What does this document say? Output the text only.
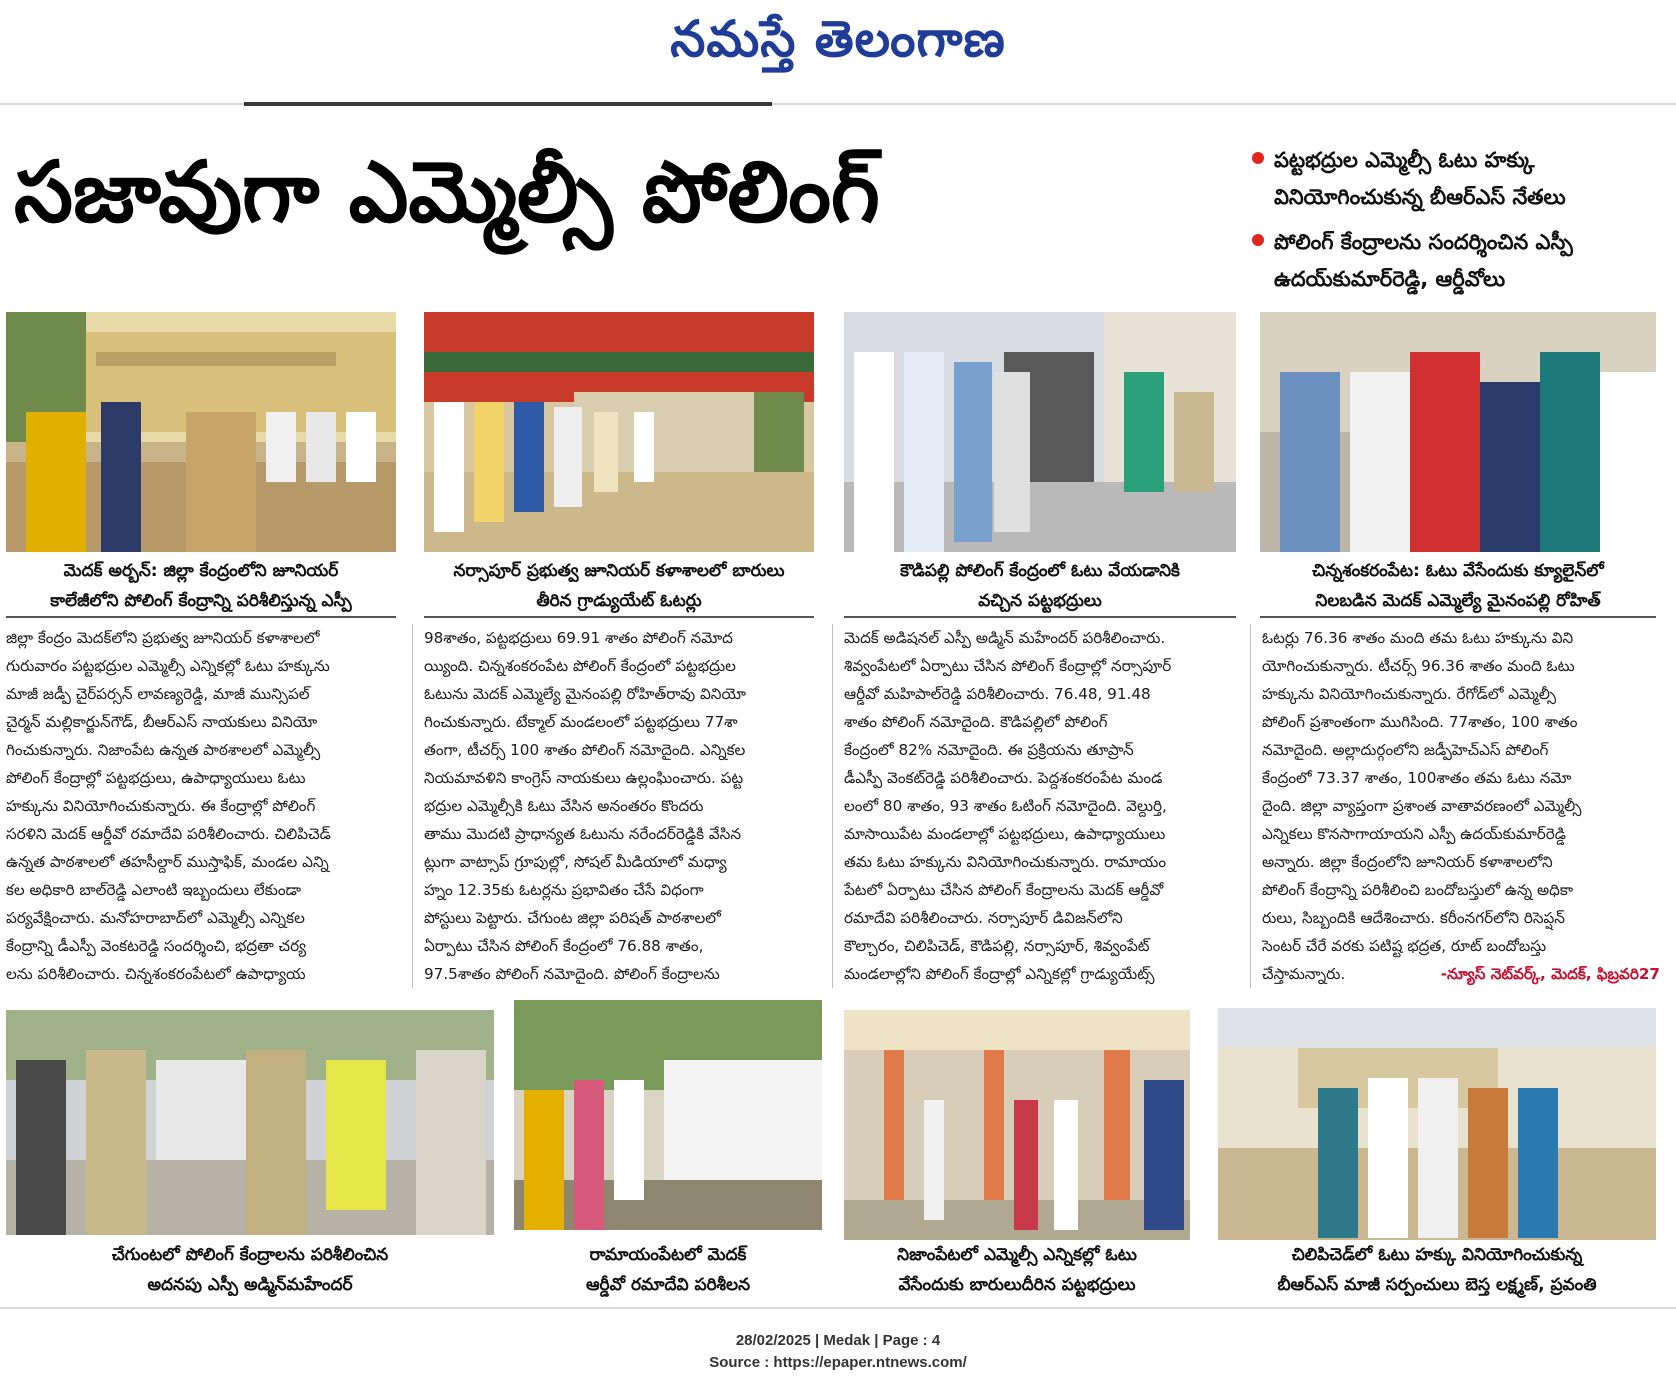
నమస్తే తెలంగాణ
సజావుగా ఎమ్మెల్సీ పోలింగ్	పట్టభద్రుల ఎమ్మెల్సీ ఓటు హక్కు
వినియోగించుకున్న బీఆర్ఎస్ నేతలు
పోలింగ్ కేంద్రాలను సందర్శించిన ఎస్పీ
ఉదయ్‌కుమార్‌రెడ్డి, ఆర్డీవోలు
మెదక్ అర్బన్: జిల్లా కేంద్రంలోని జూనియర్
కాలేజీలోని పోలింగ్ కేంద్రాన్ని పరిశీలిస్తున్న ఎస్పీ
నర్సాపూర్ ప్రభుత్వ జూనియర్ కళాశాలలో బారులు
తీరిన గ్రాడ్యుయేట్ ఓటర్లు
కౌడిపల్లి పోలింగ్ కేంద్రంలో ఓటు వేయడానికి
వచ్చిన పట్టభద్రులు
చిన్నశంకరంపేట: ఓటు వేసేందుకు క్యూలైన్‌లో
నిలబడిన మెదక్ ఎమ్మెల్యే మైనంపల్లి రోహిత్
జిల్లా కేంద్రం మెదక్‌లోని ప్రభుత్వ జూనియర్ కళాశాలలో
గురువారం పట్టభద్రుల ఎమ్మెల్సీ ఎన్నికల్లో ఓటు హక్కును
మాజీ జడ్పీ చైర్‌పర్సన్ లావణ్యరెడ్డి, మాజీ మున్సిపల్
చైర్మన్ మల్లికార్జున్‌గౌడ్, బీఆర్ఎస్ నాయకులు వినియో
గించుకున్నారు. నిజాంపేట ఉన్నత పాఠశాలలో ఎమ్మెల్సీ
పోలింగ్ కేంద్రాల్లో పట్టభద్రులు, ఉపాధ్యాయులు ఓటు
హక్కును వినియోగించుకున్నారు. ఈ కేంద్రాల్లో పోలింగ్
సరళిని మెదక్ ఆర్డీవో రమాదేవి పరిశీలించారు. చిలిపిచెడ్
ఉన్నత పాఠశాలలో తహసీల్దార్ ముస్తాఫిక్, మండల ఎన్ని
కల అధికారి బాల్‌రెడ్డి ఎలాంటి ఇబ్బందులు లేకుండా
పర్యవేక్షించారు. మనోహరాబాద్‌లో ఎమ్మెల్సీ ఎన్నికల
కేంద్రాన్ని డీఎస్పీ వెంకటరెడ్డి సందర్శించి, భద్రతా చర్య
లను పరిశీలించారు. చిన్నశంకరంపేటలో ఉపాధ్యాయ
98శాతం, పట్టభద్రులు 69.91 శాతం పోలింగ్ నమోద
య్యింది. చిన్నశంకరంపేట పోలింగ్ కేంద్రంలో పట్టభద్రుల
ఓటును మెదక్ ఎమ్మెల్యే మైనంపల్లి రోహిత్‌రావు వినియో
గించుకున్నారు. టేక్మాల్ మండలంలో పట్టభద్రులు 77శా
తంగా, టీచర్స్ 100 శాతం పోలింగ్ నమోదైంది. ఎన్నికల
నియమావళిని కాంగ్రెస్ నాయకులు ఉల్లంఘించారు. పట్ట
భద్రుల ఎమ్మెల్సీకి ఓటు వేసిన అనంతరం కొందరు
తాము మొదటి ప్రాధాన్యత ఓటును నరేందర్‌రెడ్డికి వేసిన
ట్లుగా వాట్సాప్ గ్రూపుల్లో, సోషల్ మీడియాలో మధ్యా
హ్నం 12.35కు ఓటర్లను ప్రభావితం చేసే విధంగా
పోస్టులు పెట్టారు. చేగుంట జిల్లా పరిషత్ పాఠశాలలో
ఏర్పాటు చేసిన పోలింగ్ కేంద్రంలో 76.88 శాతం,
97.5శాతం పోలింగ్ నమోదైంది. పోలింగ్ కేంద్రాలను
మెదక్ అడిషనల్ ఎస్పీ అడ్మిన్ మహేందర్ పరిశీలించారు.
శివ్వంపేటలో ఏర్పాటు చేసిన పోలింగ్ కేంద్రాల్లో నర్సాపూర్
ఆర్డీవో మహిపాల్‌రెడ్డి పరిశీలించారు. 76.48, 91.48
శాతం పోలింగ్ నమోదైంది. కౌడిపల్లిలో పోలింగ్
కేంద్రంలో 82% నమోదైంది. ఈ ప్రక్రియను తూప్రాన్
డీఎస్పీ వెంకట్‌రెడ్డి పరిశీలించారు. పెద్దశంకరంపేట మండ
లంలో 80 శాతం, 93 శాతం ఓటింగ్ నమోదైంది. వెల్దుర్తి,
మాసాయిపేట మండలాల్లో పట్టభద్రులు, ఉపాధ్యాయులు
తమ ఓటు హక్కును వినియోగించుకున్నారు. రామాయం
పేటలో ఏర్పాటు చేసిన పోలింగ్ కేంద్రాలను మెదక్ ఆర్డీవో
రమాదేవి పరిశీలించారు. నర్సాపూర్ డివిజన్‌లోని
కౌల్చారం, చిలిపిచెడ్, కౌడిపల్లి, నర్సాపూర్, శివ్వంపేట్
మండలాల్లోని పోలింగ్ కేంద్రాల్లో ఎన్నికల్లో గ్రాడ్యుయేట్స్
ఓటర్లు 76.36 శాతం మంది తమ ఓటు హక్కును విని
యోగించుకున్నారు. టీచర్స్ 96.36 శాతం మంది ఓటు
హక్కును వినియోగించుకున్నారు. రేగోడ్‌లో ఎమ్మెల్సీ
పోలింగ్ ప్రశాంతంగా ముగిసింది. 77శాతం, 100 శాతం
నమోదైంది. అల్లాదుర్గంలోని జడ్పీహెచ్ఎస్ పోలింగ్
కేంద్రంలో 73.37 శాతం, 100శాతం తమ ఓటు నమో
దైంది. జిల్లా వ్యాప్తంగా ప్రశాంత వాతావరణంలో ఎమ్మెల్సీ
ఎన్నికలు కొనసాగాయాయని ఎస్పీ ఉదయ్‌కుమార్‌రెడ్డి
అన్నారు. జిల్లా కేంద్రంలోని జూనియర్ కళాశాలలోని
పోలింగ్ కేంద్రాన్ని పరిశీలించి బందోబస్తులో ఉన్న అధికా
రులు, సిబ్బందికి ఆదేశించారు. కరీంనగర్‌లోని రిసెప్షన్
సెంటర్ చేరే వరకు పటిష్ట భద్రత, రూట్ బందోబస్తు
చేస్తామన్నారు.	-న్యూస్ నెట్‌వర్క్, మెదక్, ఫిబ్రవరి27
చేగుంటలో పోలింగ్ కేంద్రాలను పరిశీలించిన
అదనపు ఎస్పీ అడ్మిన్‌మహేందర్
రామాయంపేటలో మెదక్
ఆర్డీవో రమాదేవి పరిశీలన
నిజాంపేటలో ఎమ్మెల్సీ ఎన్నికల్లో ఓటు
వేసేందుకు బారులుదీరిన పట్టభద్రులు
చిలిపిచెడ్‌లో ఓటు హక్కు వినియోగించుకున్న
బీఆర్ఎస్ మాజీ సర్పంచులు బెస్త లక్ష్మణ్, ప్రవంతి
28/02/2025 | Medak | Page : 4
Source : https://epaper.ntnews.com/
